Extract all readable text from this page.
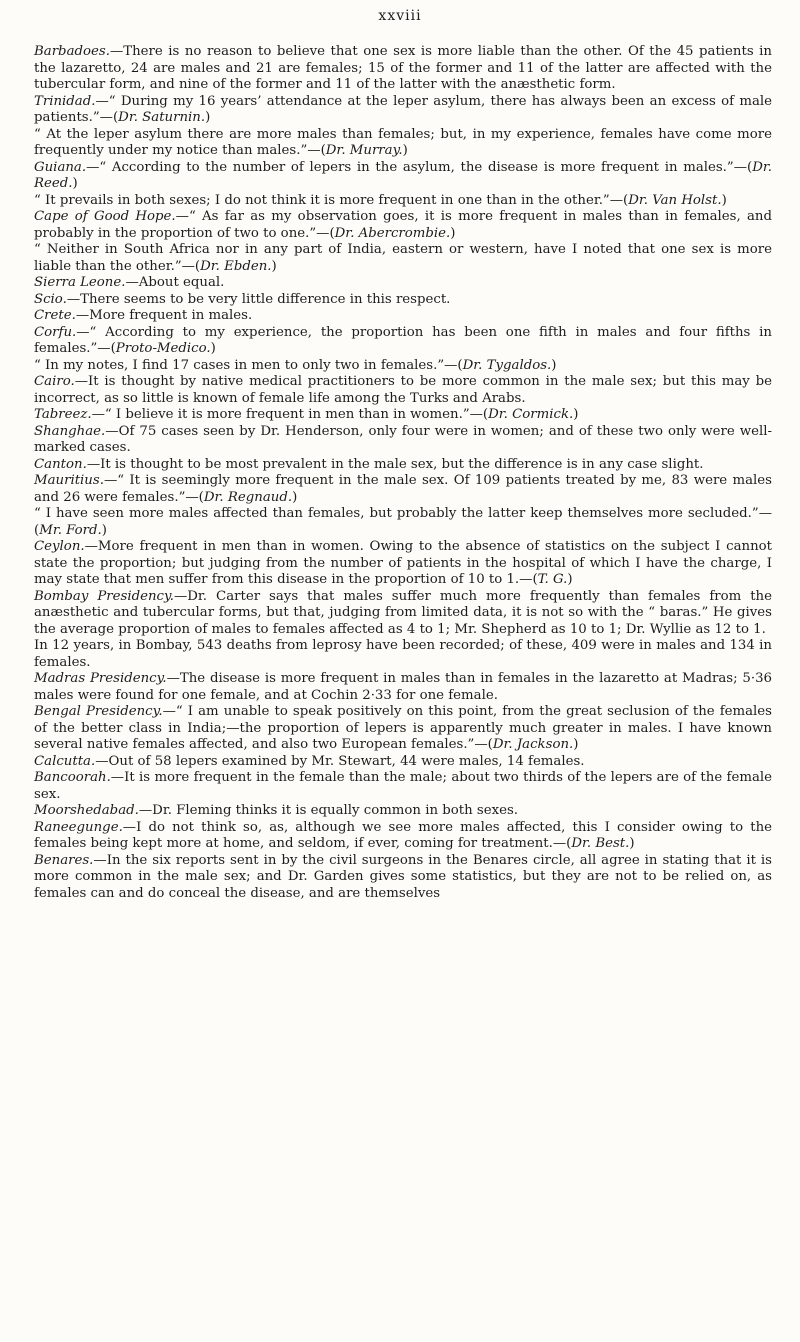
xxviii

Barbadoes.—There is no reason to believe that one sex is more liable than the other. Of the 45 patients in the lazaretto, 24 are males and 21 are females; 15 of the former and 11 of the latter are affected with the tubercular form, and nine of the former and 11 of the latter with the anæsthetic form.

Trinidad.—“ During my 16 years’ attendance at the leper asylum, there has always been an excess of male patients.”—(Dr. Saturnin.)

“ At the leper asylum there are more males than females; but, in my experience, females have come more frequently under my notice than males.”—(Dr. Murray.)

Guiana.—“ According to the number of lepers in the asylum, the disease is more frequent in males.”—(Dr. Reed.)

“ It prevails in both sexes; I do not think it is more frequent in one than in the other.”—(Dr. Van Holst.)

Cape of Good Hope.—“ As far as my observation goes, it is more frequent in males than in females, and probably in the proportion of two to one.”—(Dr. Abercrombie.)

“ Neither in South Africa nor in any part of India, eastern or western, have I noted that one sex is more liable than the other.”—(Dr. Ebden.)

Sierra Leone.—About equal.

Scio.—There seems to be very little difference in this respect.

Crete.—More frequent in males.

Corfu.—“ According to my experience, the proportion has been one fifth in males and four fifths in females.”—(Proto-Medico.)

“ In my notes, I find 17 cases in men to only two in females.”—(Dr. Tygaldos.)

Cairo.—It is thought by native medical practitioners to be more common in the male sex; but this may be incorrect, as so little is known of female life among the Turks and Arabs.

Tabreez.—“ I believe it is more frequent in men than in women.”—(Dr. Cormick.)

Shanghae.—Of 75 cases seen by Dr. Henderson, only four were in women; and of these two only were well-marked cases.

Canton.—It is thought to be most prevalent in the male sex, but the difference is in any case slight.

Mauritius.—“ It is seemingly more frequent in the male sex. Of 109 patients treated by me, 83 were males and 26 were females.”—(Dr. Regnaud.)

“ I have seen more males affected than females, but probably the latter keep themselves more secluded.”—(Mr. Ford.)

Ceylon.—More frequent in men than in women. Owing to the absence of statistics on the subject I cannot state the proportion; but judging from the number of patients in the hospital of which I have the charge, I may state that men suffer from this disease in the proportion of 10 to 1.—(T. G.)

Bombay Presidency.—Dr. Carter says that males suffer much more frequently than females from the anæsthetic and tubercular forms, but that, judging from limited data, it is not so with the “ baras.” He gives the average proportion of males to females affected as 4 to 1; Mr. Shepherd as 10 to 1; Dr. Wyllie as 12 to 1.

In 12 years, in Bombay, 543 deaths from leprosy have been recorded; of these, 409 were in males and 134 in females.

Madras Presidency.—The disease is more frequent in males than in females in the lazaretto at Madras; 5·36 males were found for one female, and at Cochin 2·33 for one female.

Bengal Presidency.—“ I am unable to speak positively on this point, from the great seclusion of the females of the better class in India;—the proportion of lepers is apparently much greater in males. I have known several native females affected, and also two European females.”—(Dr. Jackson.)

Calcutta.—Out of 58 lepers examined by Mr. Stewart, 44 were males, 14 females.

Bancoorah.—It is more frequent in the female than the male; about two thirds of the lepers are of the female sex.

Moorshedabad.—Dr. Fleming thinks it is equally common in both sexes.

Raneegunge.—I do not think so, as, although we see more males affected, this I consider owing to the females being kept more at home, and seldom, if ever, coming for treatment.—(Dr. Best.)

Benares.—In the six reports sent in by the civil surgeons in the Benares circle, all agree in stating that it is more common in the male sex; and Dr. Garden gives some statistics, but they are not to be relied on, as females can and do conceal the disease, and are themselves
